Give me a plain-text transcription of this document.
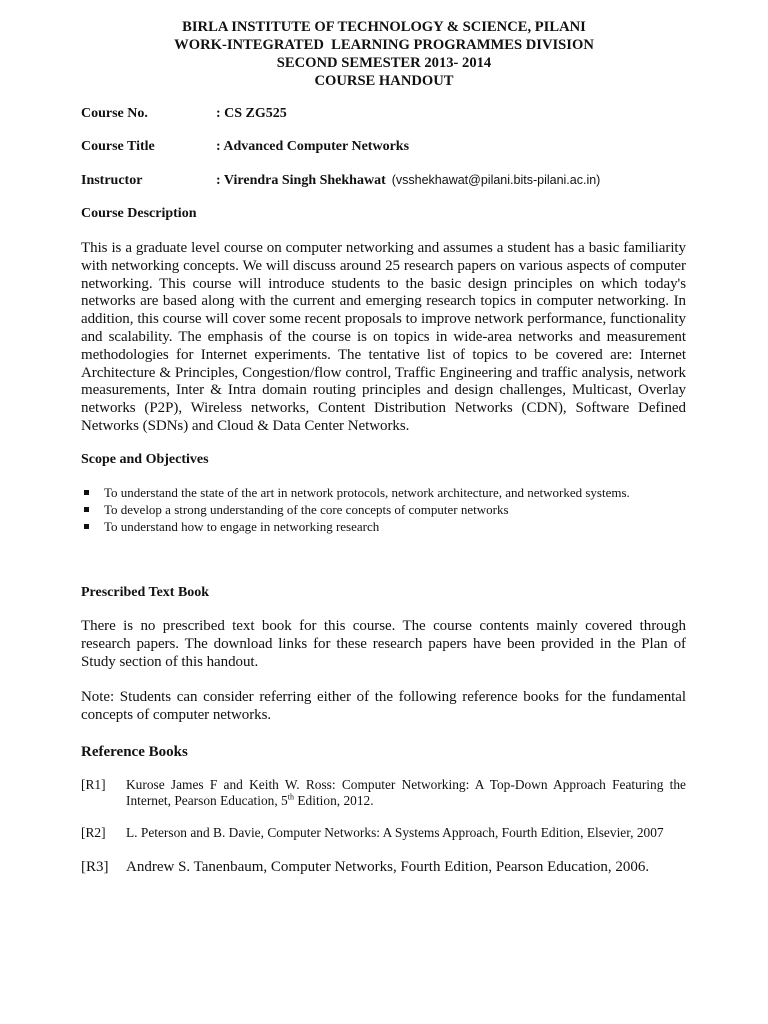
BIRLA INSTITUTE OF TECHNOLOGY & SCIENCE, PILANI
WORK-INTEGRATED  LEARNING PROGRAMMES DIVISION
SECOND SEMESTER 2013- 2014
COURSE HANDOUT
Course No.	: CS ZG525
Course Title	: Advanced Computer Networks
Instructor	: Virendra Singh Shekhawat (vsshekhawat@pilani.bits-pilani.ac.in)
Course Description
This is a graduate level course on computer networking and assumes a student has a basic familiarity with networking concepts. We will discuss around 25 research papers on various aspects of computer networking. This course will introduce students to the basic design principles on which today's networks are based along with the current and emerging research topics in computer networking. In addition, this course will cover some recent proposals to improve network performance, functionality and scalability. The emphasis of the course is on topics in wide-area networks and measurement methodologies for Internet experiments. The tentative list of topics to be covered are: Internet Architecture & Principles, Congestion/flow control, Traffic Engineering and traffic analysis, network measurements, Inter & Intra domain routing principles and design challenges, Multicast, Overlay networks (P2P), Wireless networks, Content Distribution Networks (CDN), Software Defined Networks (SDNs) and Cloud & Data Center Networks.
Scope and Objectives
To understand the state of the art in network protocols, network architecture, and networked systems.
To develop a strong understanding of the core concepts of computer networks
To understand how to engage in networking research
Prescribed Text Book
There is no prescribed text book for this course. The course contents mainly covered through research papers. The download links for these research papers have been provided in the Plan of Study section of this handout.
Note: Students can consider referring either of the following reference books for the fundamental concepts of computer networks.
Reference Books
[R1] Kurose James F and Keith W. Ross: Computer Networking: A Top-Down Approach Featuring the Internet, Pearson Education, 5th Edition, 2012.
[R2] L. Peterson and B. Davie, Computer Networks: A Systems Approach, Fourth Edition, Elsevier, 2007
[R3] Andrew S. Tanenbaum, Computer Networks, Fourth Edition, Pearson Education, 2006.
